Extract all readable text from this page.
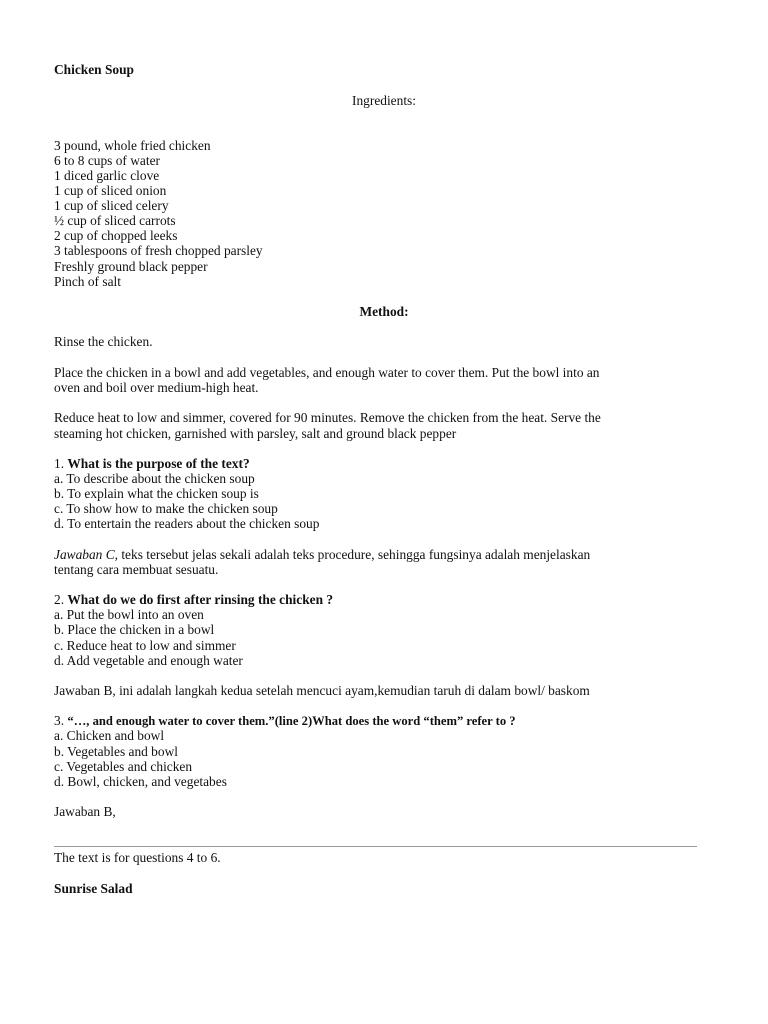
Chicken Soup
Ingredients:
3 pound, whole fried chicken
6 to 8 cups of water
1 diced garlic clove
1 cup of sliced onion
1 cup of sliced celery
½ cup of sliced carrots
2 cup of chopped leeks
3 tablespoons of fresh chopped parsley
Freshly ground black pepper
Pinch of salt
Method:
Rinse the chicken.
Place the chicken in a bowl and add vegetables, and enough water to cover them. Put the bowl into an
oven and boil over medium-high heat.
Reduce heat to low and simmer, covered for 90 minutes. Remove the chicken from the heat. Serve the
steaming hot chicken, garnished with parsley, salt and ground black pepper
1. What is the purpose of the text?
a. To describe about the chicken soup
b. To explain what the chicken soup is
c. To show how to make the chicken soup
d. To entertain the readers about the chicken soup
Jawaban C, teks tersebut jelas sekali adalah teks procedure, sehingga fungsinya adalah menjelaskan
tentang cara membuat sesuatu.
2. What do we do first after rinsing the chicken ?
a. Put the bowl into an oven
b. Place the chicken in a bowl
c. Reduce heat to low and simmer
d. Add vegetable and enough water
Jawaban B, ini adalah langkah kedua setelah mencuci ayam,kemudian taruh di dalam bowl/ baskom
3. “…, and enough water to cover them.”(line 2)What does the word “them” refer to ?
a. Chicken and bowl
b. Vegetables and bowl
c. Vegetables and chicken
d. Bowl, chicken, and vegetabes
Jawaban B,
The text is for questions 4 to 6.
Sunrise Salad
